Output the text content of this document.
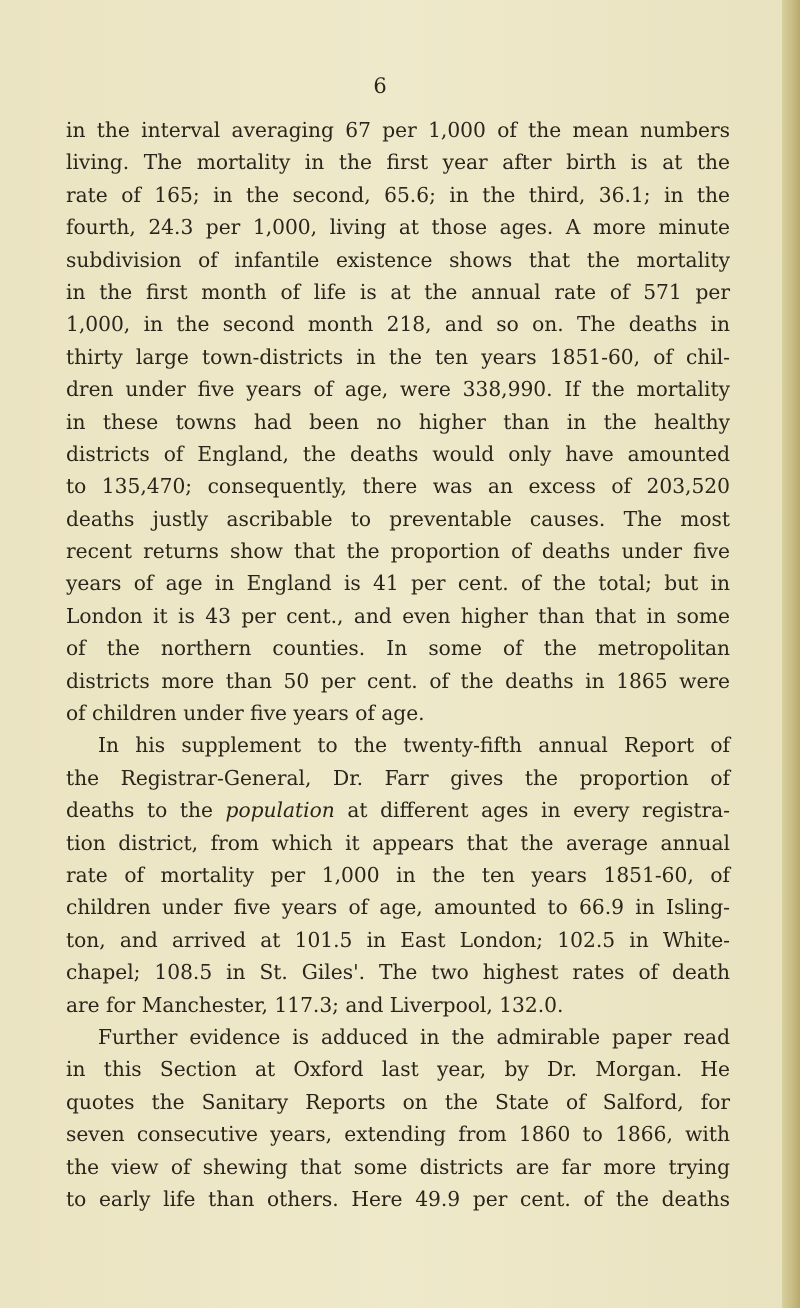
6
in the interval averaging 67 per 1,000 of the mean numbers
living. The mortality in the first year after birth is at the
rate of 165; in the second, 65.6; in the third, 36.1; in the
fourth, 24.3 per 1,000, living at those ages. A more minute
subdivision of infantile existence shows that the mortality
in the first month of life is at the annual rate of 571 per
1,000, in the second month 218, and so on. The deaths in
thirty large town-districts in the ten years 1851-60, of chil-
dren under five years of age, were 338,990. If the mortality
in these towns had been no higher than in the healthy
districts of England, the deaths would only have amounted
to 135,470; consequently, there was an excess of 203,520
deaths justly ascribable to preventable causes. The most
recent returns show that the proportion of deaths under five
years of age in England is 41 per cent. of the total; but in
London it is 43 per cent., and even higher than that in some
of the northern counties. In some of the metropolitan
districts more than 50 per cent. of the deaths in 1865 were
of children under five years of age.
In his supplement to the twenty-fifth annual Report of
the Registrar-General, Dr. Farr gives the proportion of
deaths to the population at different ages in every registra-
tion district, from which it appears that the average annual
rate of mortality per 1,000 in the ten years 1851-60, of
children under five years of age, amounted to 66.9 in Isling-
ton, and arrived at 101.5 in East London; 102.5 in White-
chapel; 108.5 in St. Giles'. The two highest rates of death
are for Manchester, 117.3; and Liverpool, 132.0.
Further evidence is adduced in the admirable paper read
in this Section at Oxford last year, by Dr. Morgan. He
quotes the Sanitary Reports on the State of Salford, for
seven consecutive years, extending from 1860 to 1866, with
the view of shewing that some districts are far more trying
to early life than others. Here 49.9 per cent. of the deaths
